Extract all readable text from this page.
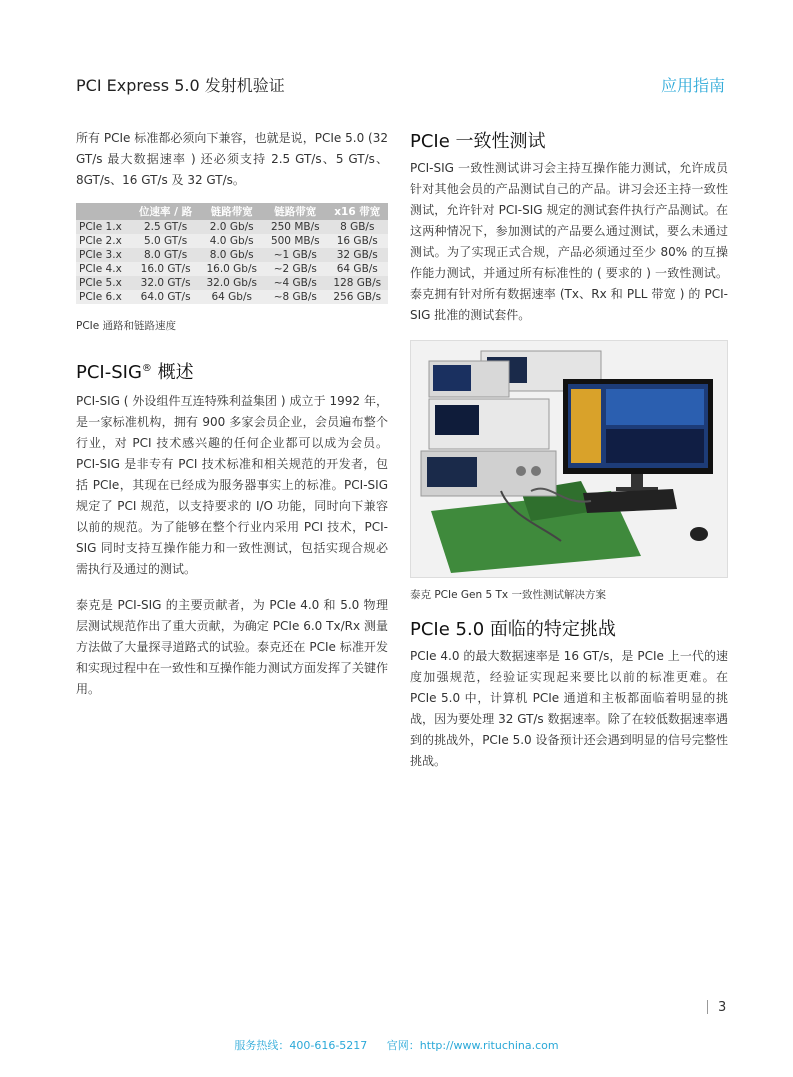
PCI Express 5.0 发射机验证	应用指南

所有 PCIe 标准都必须向下兼容，也就是说，PCIe 5.0 (32 GT/s 最大数据速率 ) 还必须支持 2.5 GT/s、5 GT/s、8GT/s、16 GT/s 及 32 GT/s。

	位速率 / 路	链路带宽	链路带宽	x16 带宽
PCIe 1.x	2.5 GT/s	2.0 Gb/s	250 MB/s	8 GB/s
PCIe 2.x	5.0 GT/s	4.0 Gb/s	500 MB/s	16 GB/s
PCIe 3.x	8.0 GT/s	8.0 Gb/s	~1 GB/s	32 GB/s
PCIe 4.x	16.0 GT/s	16.0 Gb/s	~2 GB/s	64 GB/s
PCIe 5.x	32.0 GT/s	32.0 Gb/s	~4 GB/s	128 GB/s
PCIe 6.x	64.0 GT/s	64 Gb/s	~8 GB/s	256 GB/s
PCIe 通路和链路速度
PCI-SIG® 概述

PCI-SIG ( 外设组件互连特殊利益集团 ) 成立于 1992 年，是一家标准机构，拥有 900 多家会员企业，会员遍布整个行业，对 PCI 技术感兴趣的任何企业都可以成为会员。PCI-SIG 是非专有 PCI 技术标准和相关规范的开发者，包括 PCIe，其现在已经成为服务器事实上的标准。PCI-SIG 规定了 PCI 规范，以支持要求的 I/O 功能，同时向下兼容以前的规范。为了能够在整个行业内采用 PCI 技术，PCI-SIG 同时支持互操作能力和一致性测试，包括实现合规必需执行及通过的测试。

泰克是 PCI-SIG 的主要贡献者，为 PCIe 4.0 和 5.0 物理层测试规范作出了重大贡献，为确定 PCIe 6.0 Tx/Rx 测量方法做了大量探寻道路式的试验。泰克还在 PCIe 标准开发和实现过程中在一致性和互操作能力测试方面发挥了关键作用。

PCIe 一致性测试

PCI-SIG 一致性测试讲习会主持互操作能力测试，允许成员针对其他会员的产品测试自己的产品。讲习会还主持一致性测试，允许针对 PCI-SIG 规定的测试套件执行产品测试。在这两种情况下，参加测试的产品要么通过测试，要么未通过测试。为了实现正式合规，产品必须通过至少 80% 的互操作能力测试，并通过所有标准性的 ( 要求的 ) 一致性测试。泰克拥有针对所有数据速率 (Tx、Rx 和 PLL 带宽 ) 的 PCI-SIG 批准的测试套件。

泰克 PCIe Gen 5 Tx 一致性测试解决方案
PCIe 5.0 面临的特定挑战

PCIe 4.0 的最大数据速率是 16 GT/s，是 PCIe 上一代的速度加强规范，经验证实现起来要比以前的标准更难。在 PCIe 5.0 中，计算机 PCIe 通道和主板都面临着明显的挑战，因为要处理 32 GT/s 数据速率。除了在较低数据速率遇到的挑战外，PCIe 5.0 设备预计还会遇到明显的信号完整性挑战。

3
服务热线：400-616-5217 官网：http://www.rituchina.com
